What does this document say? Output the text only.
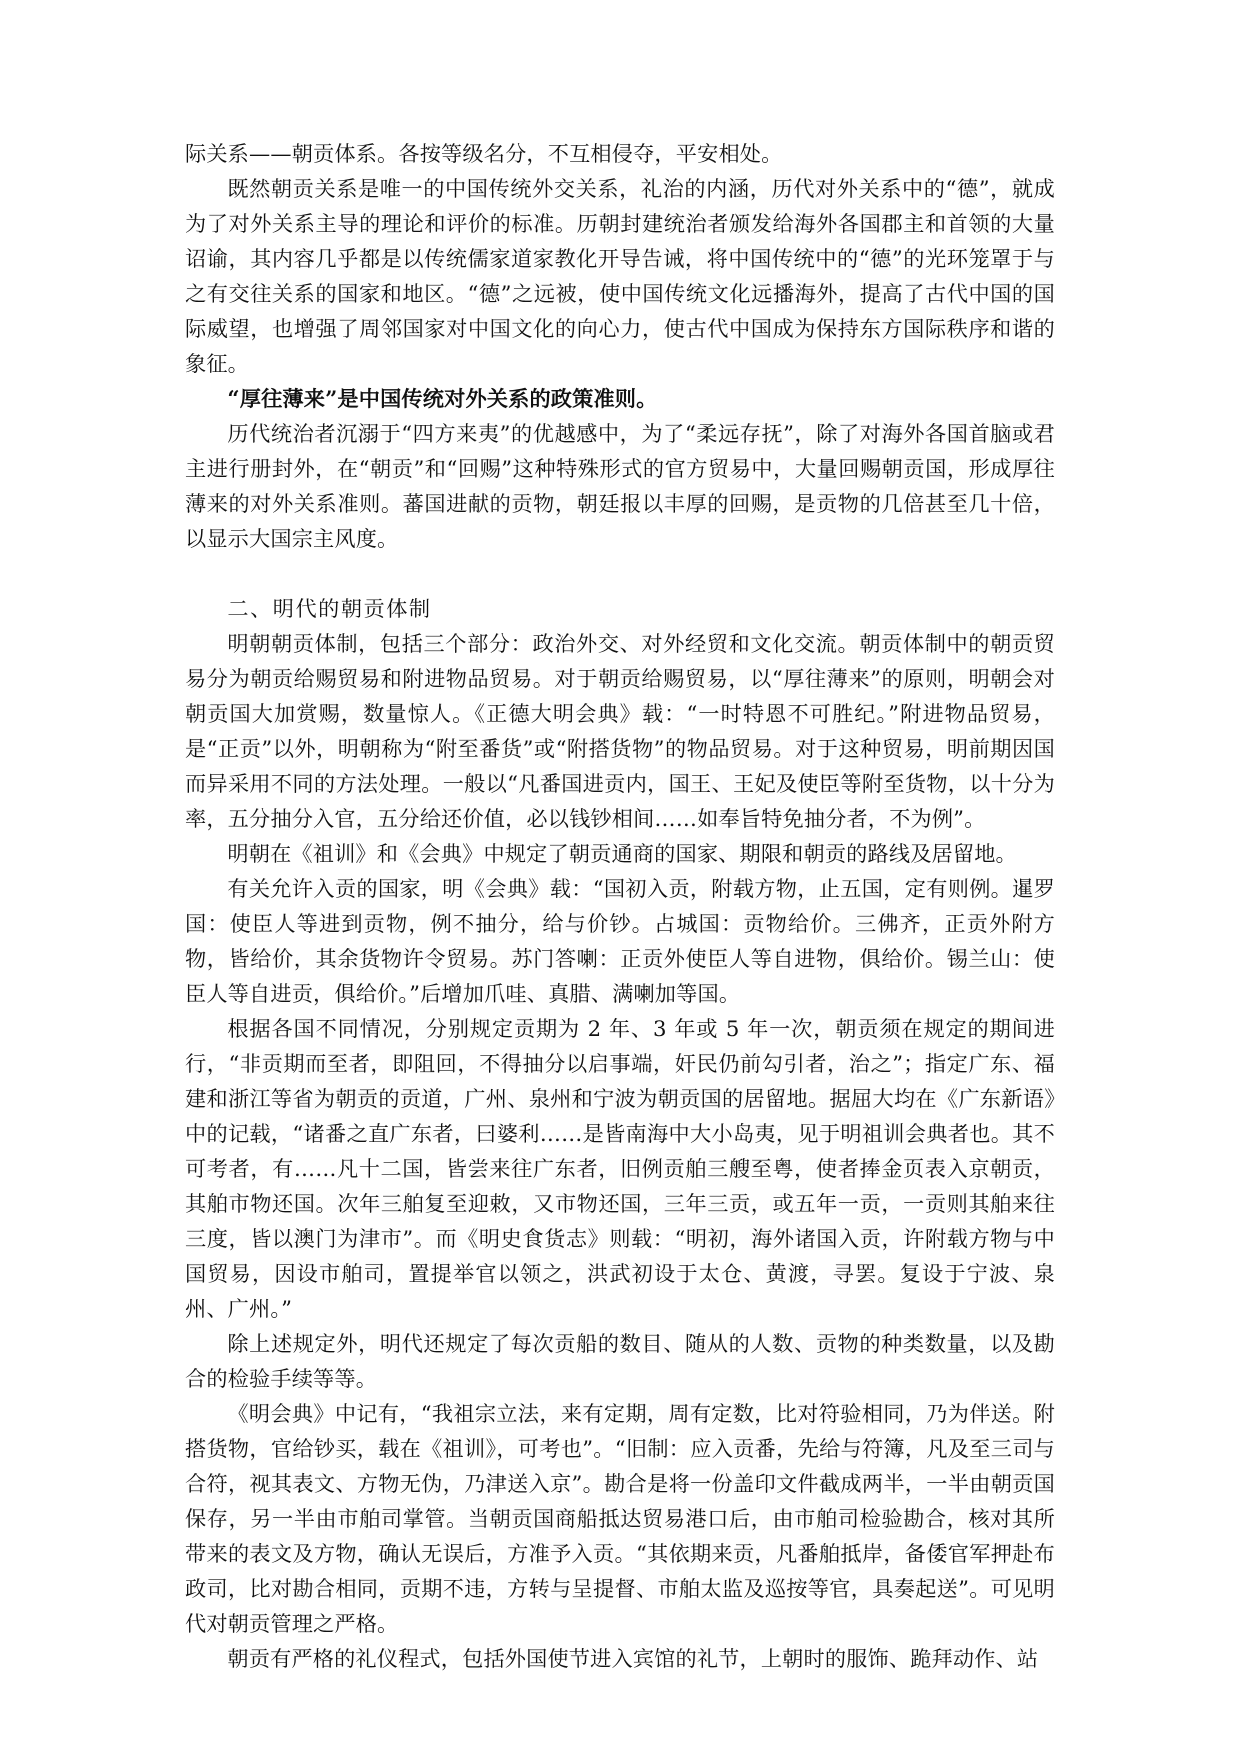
际关系——朝贡体系。各按等级名分，不互相侵夺，平安相处。

既然朝贡关系是唯一的中国传统外交关系，礼治的内涵，历代对外关系中的“德”，就成为了对外关系主导的理论和评价的标准。历朝封建统治者颁发给海外各国郡主和首领的大量诏谕，其内容几乎都是以传统儒家道家教化开导告诫，将中国传统中的“德”的光环笼罩于与之有交往关系的国家和地区。“德”之远被，使中国传统文化远播海外，提高了古代中国的国际威望，也增强了周邻国家对中国文化的向心力，使古代中国成为保持东方国际秩序和谐的象征。

“厚往薄来”是中国传统对外关系的政策准则。

历代统治者沉溺于“四方来夷”的优越感中，为了“柔远存抚”，除了对海外各国首脑或君主进行册封外，在“朝贡”和“回赐”这种特殊形式的官方贸易中，大量回赐朝贡国，形成厚往薄来的对外关系准则。蕃国进献的贡物，朝廷报以丰厚的回赐，是贡物的几倍甚至几十倍，以显示大国宗主风度。

二、明代的朝贡体制

明朝朝贡体制，包括三个部分：政治外交、对外经贸和文化交流。朝贡体制中的朝贡贸易分为朝贡给赐贸易和附进物品贸易。对于朝贡给赐贸易，以“厚往薄来”的原则，明朝会对朝贡国大加赏赐，数量惊人。《正德大明会典》载：“一时特恩不可胜纪。”附进物品贸易，是“正贡”以外，明朝称为“附至番货”或“附搭货物”的物品贸易。对于这种贸易，明前期因国而异采用不同的方法处理。一般以“凡番国进贡内，国王、王妃及使臣等附至货物，以十分为率，五分抽分入官，五分给还价值，必以钱钞相间……如奉旨特免抽分者，不为例”。

明朝在《祖训》和《会典》中规定了朝贡通商的国家、期限和朝贡的路线及居留地。

有关允许入贡的国家，明《会典》载：“国初入贡，附载方物，止五国，定有则例。暹罗国：使臣人等进到贡物，例不抽分，给与价钞。占城国：贡物给价。三佛齐，正贡外附方物，皆给价，其余货物许令贸易。苏门答喇：正贡外使臣人等自进物，俱给价。锡兰山：使臣人等自进贡，俱给价。”后增加爪哇、真腊、满喇加等国。

根据各国不同情况，分别规定贡期为 2 年、3 年或 5 年一次，朝贡须在规定的期间进行，“非贡期而至者，即阻回，不得抽分以启事端，奸民仍前勾引者，治之”；指定广东、福建和浙江等省为朝贡的贡道，广州、泉州和宁波为朝贡国的居留地。据屈大均在《广东新语》中的记载，“诸番之直广东者，曰婆利……是皆南海中大小岛夷，见于明祖训会典者也。其不可考者，有……凡十二国，皆尝来往广东者，旧例贡舶三艘至粤，使者捧金页表入京朝贡，其舶市物还国。次年三舶复至迎敕，又市物还国，三年三贡，或五年一贡，一贡则其舶来往三度，皆以澳门为津市”。而《明史食货志》则载：“明初，海外诸国入贡，许附载方物与中国贸易，因设市舶司，置提举官以领之，洪武初设于太仓、黄渡，寻罢。复设于宁波、泉州、广州。”

除上述规定外，明代还规定了每次贡船的数目、随从的人数、贡物的种类数量，以及勘合的检验手续等等。

《明会典》中记有，“我祖宗立法，来有定期，周有定数，比对符验相同，乃为伴送。附搭货物，官给钞买，载在《祖训》，可考也”。“旧制：应入贡番，先给与符簿，凡及至三司与合符，视其表文、方物无伪，乃津送入京”。勘合是将一份盖印文件截成两半，一半由朝贡国保存，另一半由市舶司掌管。当朝贡国商船抵达贸易港口后，由市舶司检验勘合，核对其所带来的表文及方物，确认无误后，方准予入贡。“其依期来贡，凡番舶抵岸，备倭官军押赴布政司，比对勘合相同，贡期不违，方转与呈提督、市舶太监及巡按等官，具奏起送”。可见明代对朝贡管理之严格。

朝贡有严格的礼仪程式，包括外国使节进入宾馆的礼节，上朝时的服饰、跪拜动作、站
